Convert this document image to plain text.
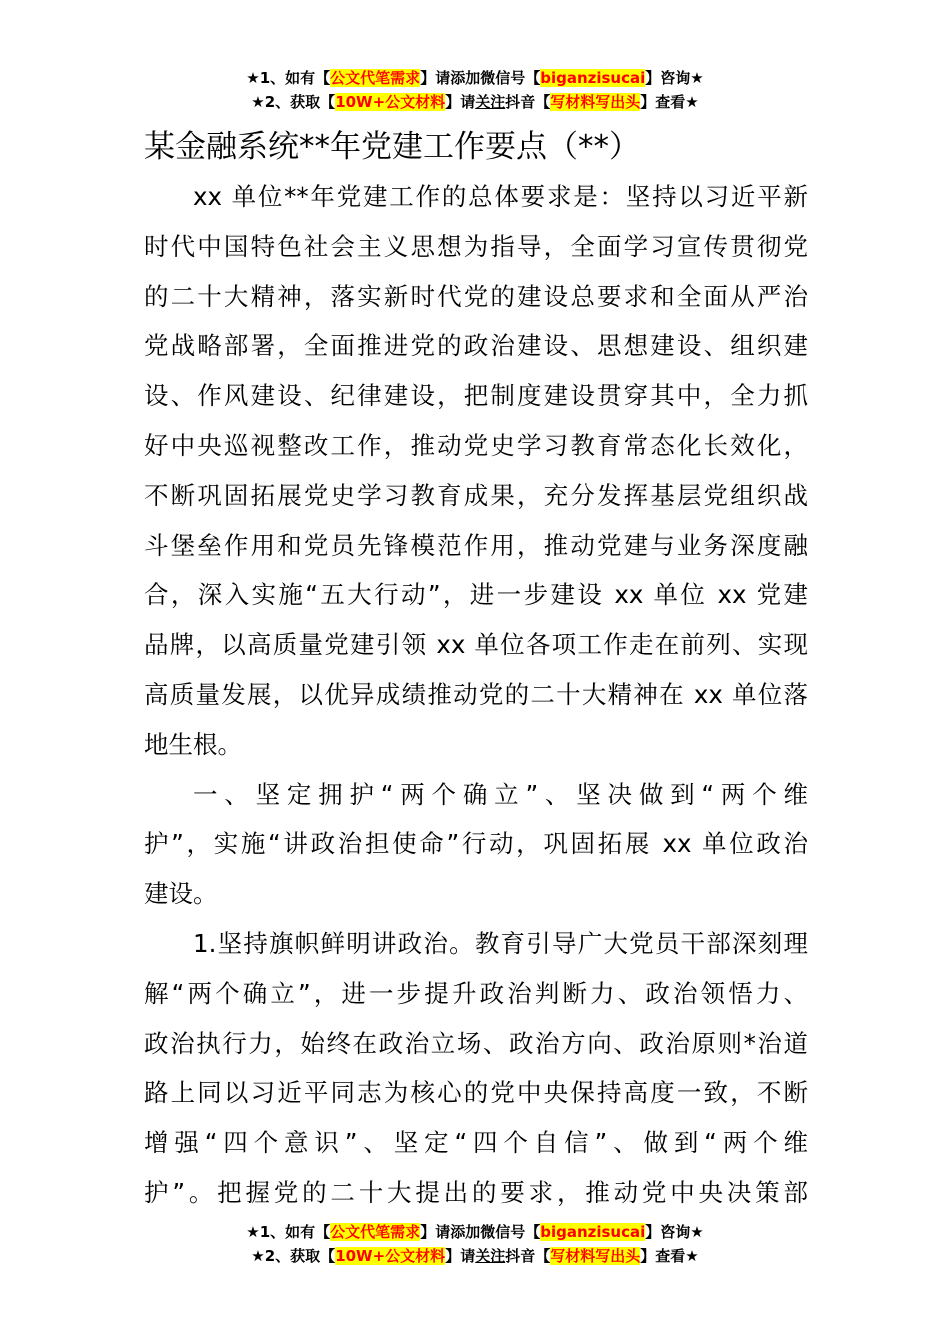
★1、如有【公文代笔需求】请添加微信号【biganzisucai】咨询★
★2、获取【10W+公文材料】请关注抖音【写材料写出头】查看★
某金融系统**年党建工作要点（**）
xx 单位**年党建工作的总体要求是：坚持以习近平新
时代中国特色社会主义思想为指导，全面学习宣传贯彻党
的二十大精神，落实新时代党的建设总要求和全面从严治
党战略部署，全面推进党的政治建设、思想建设、组织建
设、作风建设、纪律建设，把制度建设贯穿其中，全力抓
好中央巡视整改工作，推动党史学习教育常态化长效化，
不断巩固拓展党史学习教育成果，充分发挥基层党组织战
斗堡垒作用和党员先锋模范作用，推动党建与业务深度融
合，深入实施“五大行动”，进一步建设 xx 单位 xx 党建
品牌，以高质量党建引领 xx 单位各项工作走在前列、实现
高质量发展，以优异成绩推动党的二十大精神在 xx 单位落
地生根。
一、坚定拥护“两个确立”、坚决做到“两个维
护”，实施“讲政治担使命”行动，巩固拓展 xx 单位政治
建设。
1.坚持旗帜鲜明讲政治。教育引导广大党员干部深刻理
解“两个确立”，进一步提升政治判断力、政治领悟力、
政治执行力，始终在政治立场、政治方向、政治原则*治道
路上同以习近平同志为核心的党中央保持高度一致，不断
增强“四个意识”、坚定“四个自信”、做到“两个维
护”。把握党的二十大提出的要求，推动党中央决策部
★1、如有【公文代笔需求】请添加微信号【biganzisucai】咨询★
★2、获取【10W+公文材料】请关注抖音【写材料写出头】查看★
